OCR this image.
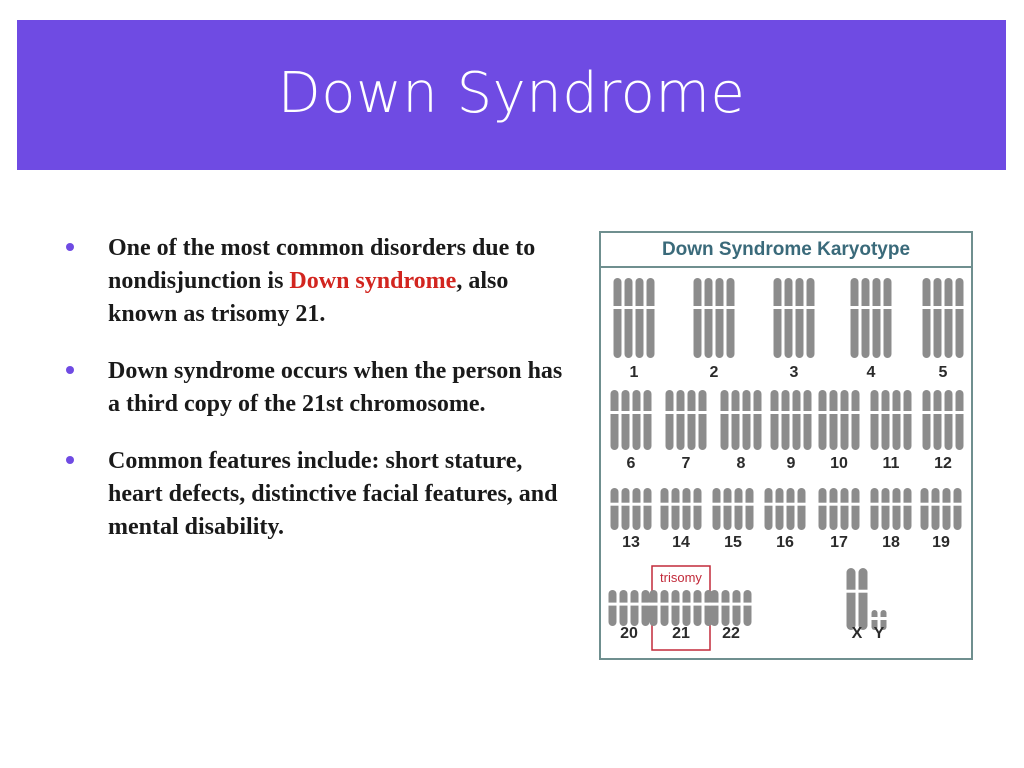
Down Syndrome
One of the most common disorders due to nondisjunction is Down syndrome, also known as trisomy 21.
Down syndrome occurs when the person has a third copy of the 21st chromosome.
Common features include: short stature, heart defects, distinctive facial features, and mental disability.
Down Syndrome Karyotype
trisomy
1	2	3	4	5
6	7	8	9 10 11 12
13 14 15 16 17 18 19
20 21 22	X Y
